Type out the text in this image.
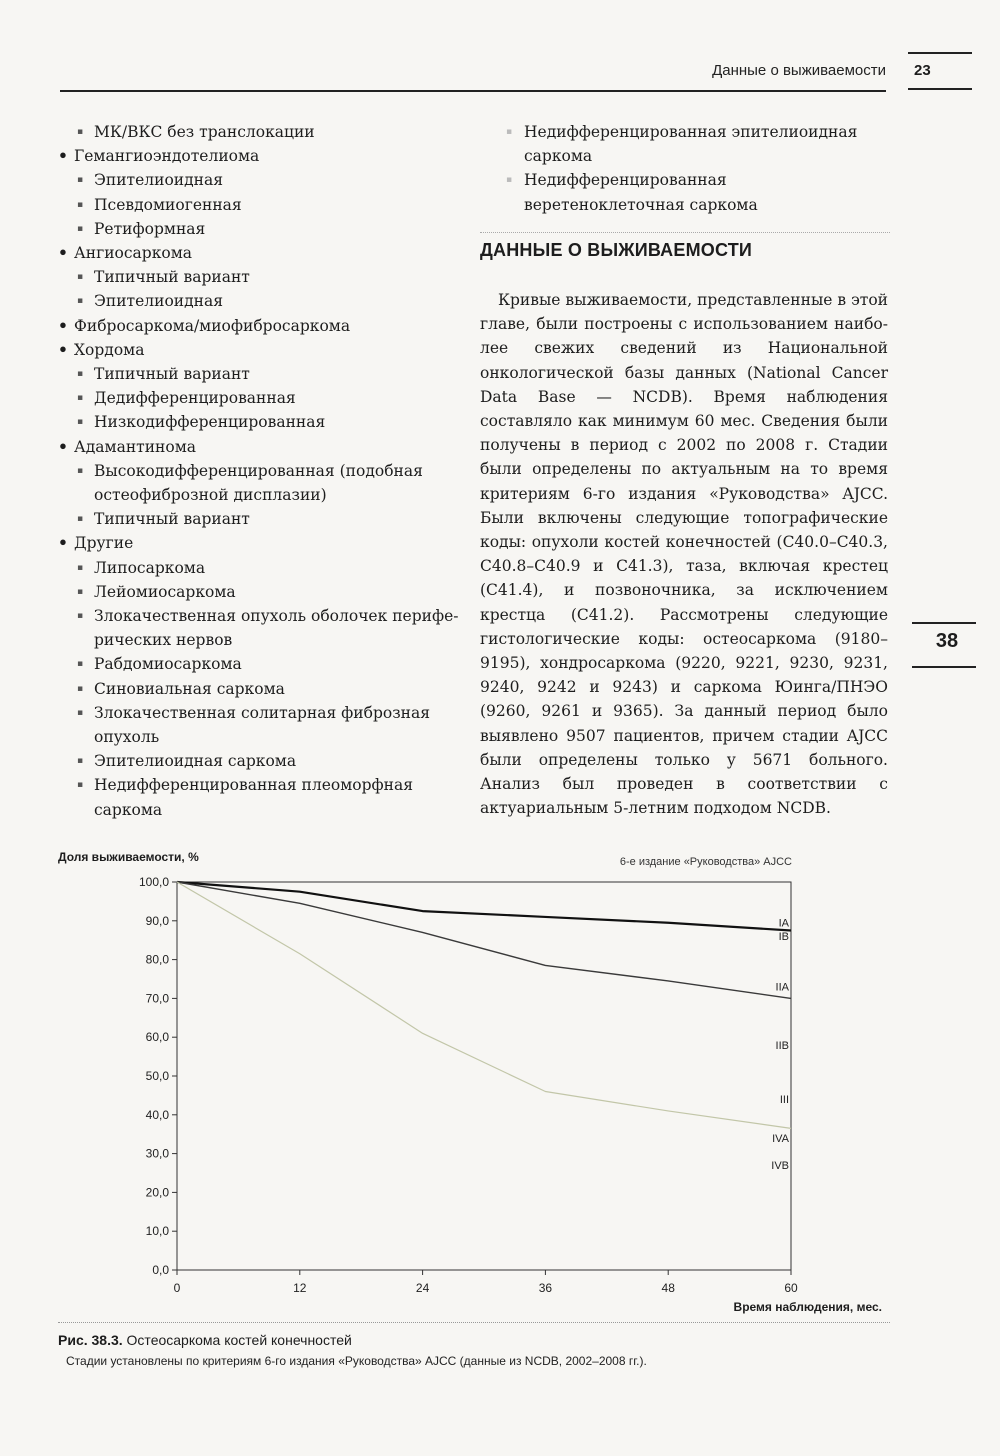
Данные о выживаемости 23
38
▪ МК/ВКС без транслокации
• Гемангиоэндотелиома
▪ Эпителиоидная
▪ Псевдомиогенная
▪ Ретиформная
• Ангиосаркома
▪ Типичный вариант
▪ Эпителиоидная
• Фибросаркома/миофибросаркома
• Хордома
▪ Типичный вариант
▪ Дедифференцированная
▪ Низкодифференцированная
• Адамантинома
▪ Высокодифференцированная (подобная остеофиброзной дисплазии)
▪ Типичный вариант
• Другие
▪ Липосаркома
▪ Лейомиосаркома
▪ Злокачественная опухоль оболочек периферических нервов
▪ Рабдомиосаркома
▪ Синовиальная саркома
▪ Злокачественная солитарная фиброзная опухоль
▪ Эпителиоидная саркома
▪ Недифференцированная плеоморфная саркома
▪ Недифференцированная эпителиоидная саркома
▪ Недифференцированная веретеноклеточная саркома
ДАННЫЕ О ВЫЖИВАЕМОСТИ
Кривые выживаемости, представленные в этой главе, были построены с использованием наиболее свежих сведений из Национальной онкологической базы данных (National Cancer Data Base — NCDB). Время наблюдения составляло как минимум 60 мес. Сведения были получены в период с 2002 по 2008 г. Стадии были определены по актуальным на то время критериям 6-го издания «Руководства» AJCC. Были включены следующие топографические коды: опухоли костей конечностей (C40.0–C40.3, C40.8–C40.9 и C41.3), таза, включая крестец (C41.4), и позвоночника, за исключением крестца (C41.2). Рассмотрены следующие гистологические коды: остеосаркома (9180–9195), хондросаркома (9220, 9221, 9230, 9231, 9240, 9242 и 9243) и саркома Юинга/ПНЭО (9260, 9261 и 9365). За данный период было выявлено 9507 пациентов, причем стадии AJCC были определены только у 5671 больного. Анализ был проведен в соответствии с актуариальным 5-летним подходом NCDB.
Доля выживаемости, %	6-е издание «Руководства» AJCC
0,0
10,0
20,0
30,0
40,0
50,0
60,0
70,0
80,0
90,0
100,0
0	12	24	36	48	60
IA
IB
IIA
IIB
III
IVA
IVB
Время наблюдения, мес.
Рис. 38.3. Остеосаркома костей конечностей
Стадии установлены по критериям 6-го издания «Руководства» AJCC (данные из NCDB, 2002–2008 гг.).
